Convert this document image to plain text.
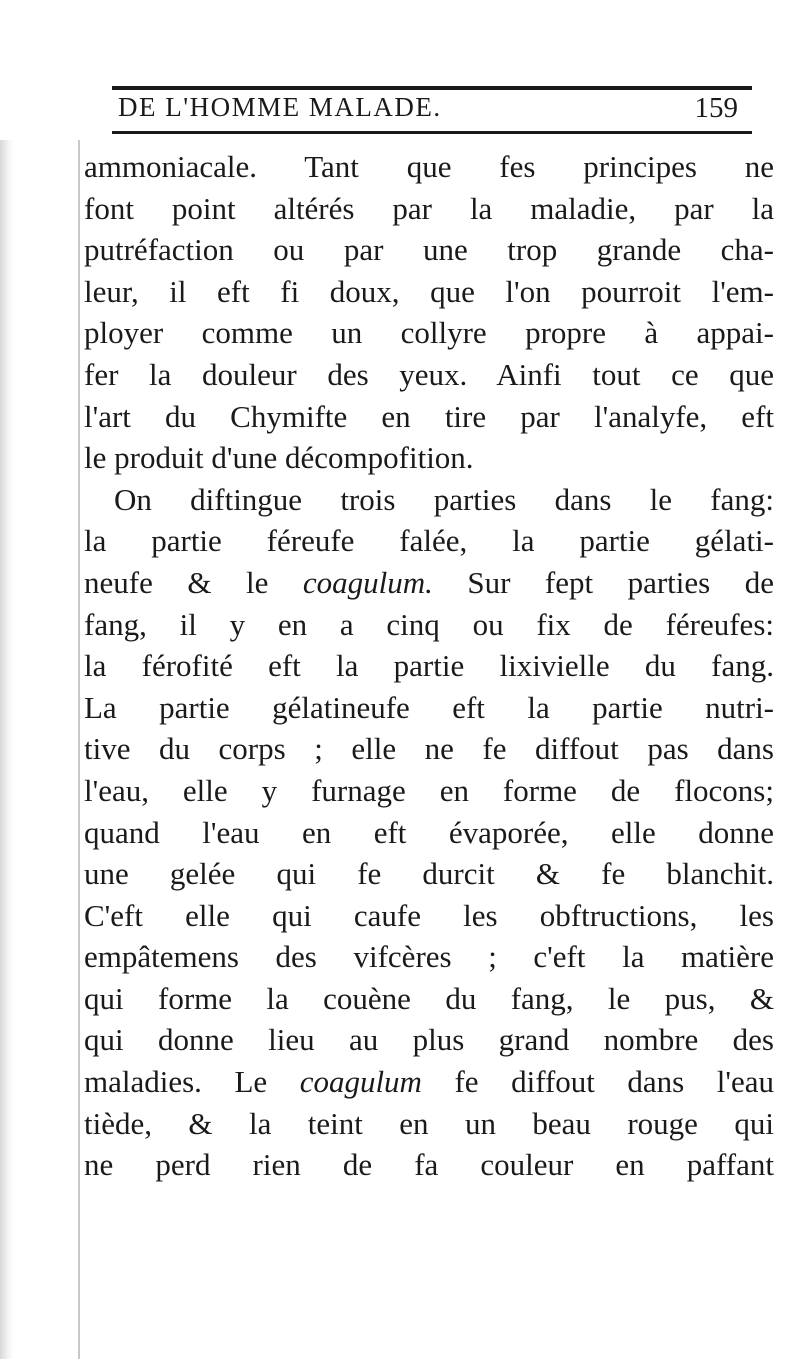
DE L'HOMME MALADE.	159
ammoniacale. Tant que fes principes ne
font point altérés par la maladie, par la
putréfaction ou par une trop grande cha-
leur, il eft fi doux, que l'on pourroit l'em-
ployer comme un collyre propre à appai-
fer la douleur des yeux. Ainfi tout ce que
l'art du Chymifte en tire par l'analyfe, eft
le produit d'une décompofition.
On diftingue trois parties dans le fang:
la partie féreufe falée, la partie gélati-
neufe & le coagulum. Sur fept parties de
fang, il y en a cinq ou fix de féreufes:
la férofité eft la partie lixivielle du fang.
La partie gélatineufe eft la partie nutri-
tive du corps ; elle ne fe diffout pas dans
l'eau, elle y furnage en forme de flocons;
quand l'eau en eft évaporée, elle donne
une gelée qui fe durcit & fe blanchit.
C'eft elle qui caufe les obftructions, les
empâtemens des vifcères ; c'eft la matière
qui forme la couène du fang, le pus, &
qui donne lieu au plus grand nombre des
maladies. Le coagulum fe diffout dans l'eau
tiède, & la teint en un beau rouge qui
ne perd rien de fa couleur en paffant
